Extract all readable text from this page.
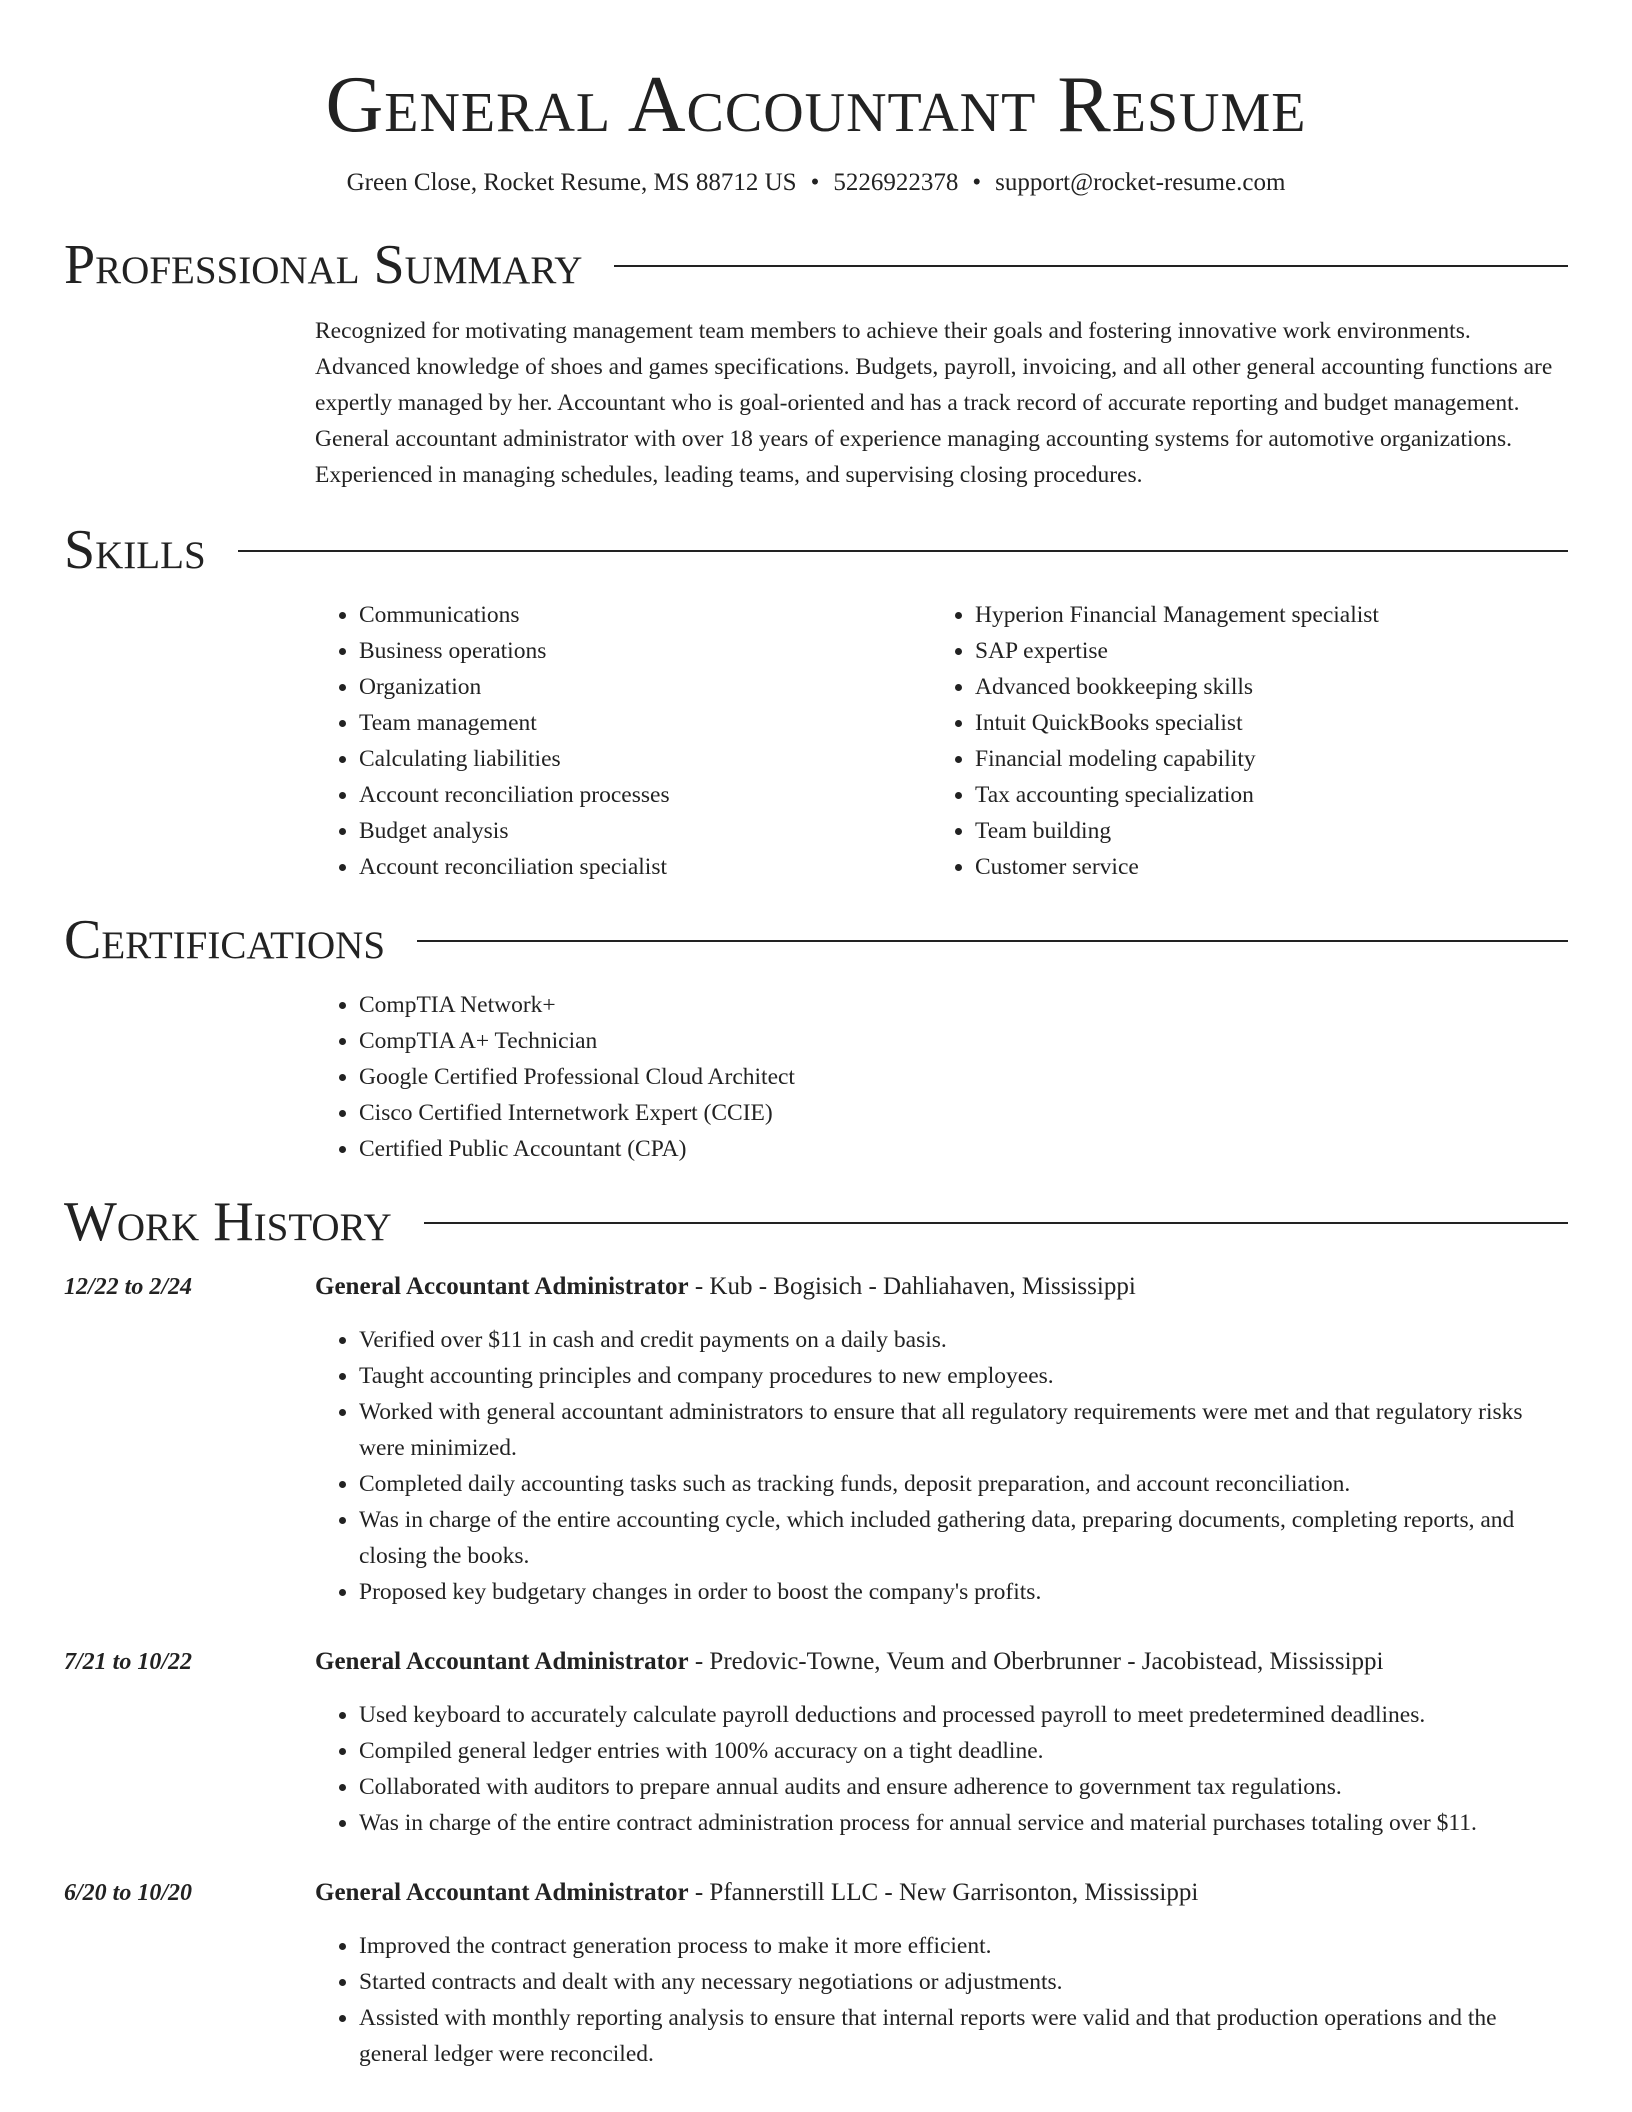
General Accountant Resume
Green Close, Rocket Resume, MS 88712 US • 5226922378 • support@rocket-resume.com
Professional Summary

Recognized for motivating management team members to achieve their goals and fostering innovative work environments. Advanced knowledge of shoes and games specifications. Budgets, payroll, invoicing, and all other general accounting functions are expertly managed by her. Accountant who is goal-oriented and has a track record of accurate reporting and budget management. General accountant administrator with over 18 years of experience managing accounting systems for automotive organizations. Experienced in managing schedules, leading teams, and supervising closing procedures.

Skills
• Communications
• Business operations
• Organization
• Team management
• Calculating liabilities
• Account reconciliation processes
• Budget analysis
• Account reconciliation specialist
• Hyperion Financial Management specialist
• SAP expertise
• Advanced bookkeeping skills
• Intuit QuickBooks specialist
• Financial modeling capability
• Tax accounting specialization
• Team building
• Customer service
Certifications
• CompTIA Network+
• CompTIA A+ Technician
• Google Certified Professional Cloud Architect
• Cisco Certified Internetwork Expert (CCIE)
• Certified Public Accountant (CPA)
Work History
12/22 to 2/24	General Accountant Administrator - Kub - Bogisich - Dahliahaven, Mississippi
• Verified over $11 in cash and credit payments on a daily basis.
• Taught accounting principles and company procedures to new employees.
• Worked with general accountant administrators to ensure that all regulatory requirements were met and that regulatory risks were minimized.
• Completed daily accounting tasks such as tracking funds, deposit preparation, and account reconciliation.
• Was in charge of the entire accounting cycle, which included gathering data, preparing documents, completing reports, and closing the books.
• Proposed key budgetary changes in order to boost the company's profits.
7/21 to 10/22	General Accountant Administrator - Predovic-Towne, Veum and Oberbrunner - Jacobistead, Mississippi
• Used keyboard to accurately calculate payroll deductions and processed payroll to meet predetermined deadlines.
• Compiled general ledger entries with 100% accuracy on a tight deadline.
• Collaborated with auditors to prepare annual audits and ensure adherence to government tax regulations.
• Was in charge of the entire contract administration process for annual service and material purchases totaling over $11.
6/20 to 10/20	General Accountant Administrator - Pfannerstill LLC - New Garrisonton, Mississippi
• Improved the contract generation process to make it more efficient.
• Started contracts and dealt with any necessary negotiations or adjustments.
• Assisted with monthly reporting analysis to ensure that internal reports were valid and that production operations and the general ledger were reconciled.
